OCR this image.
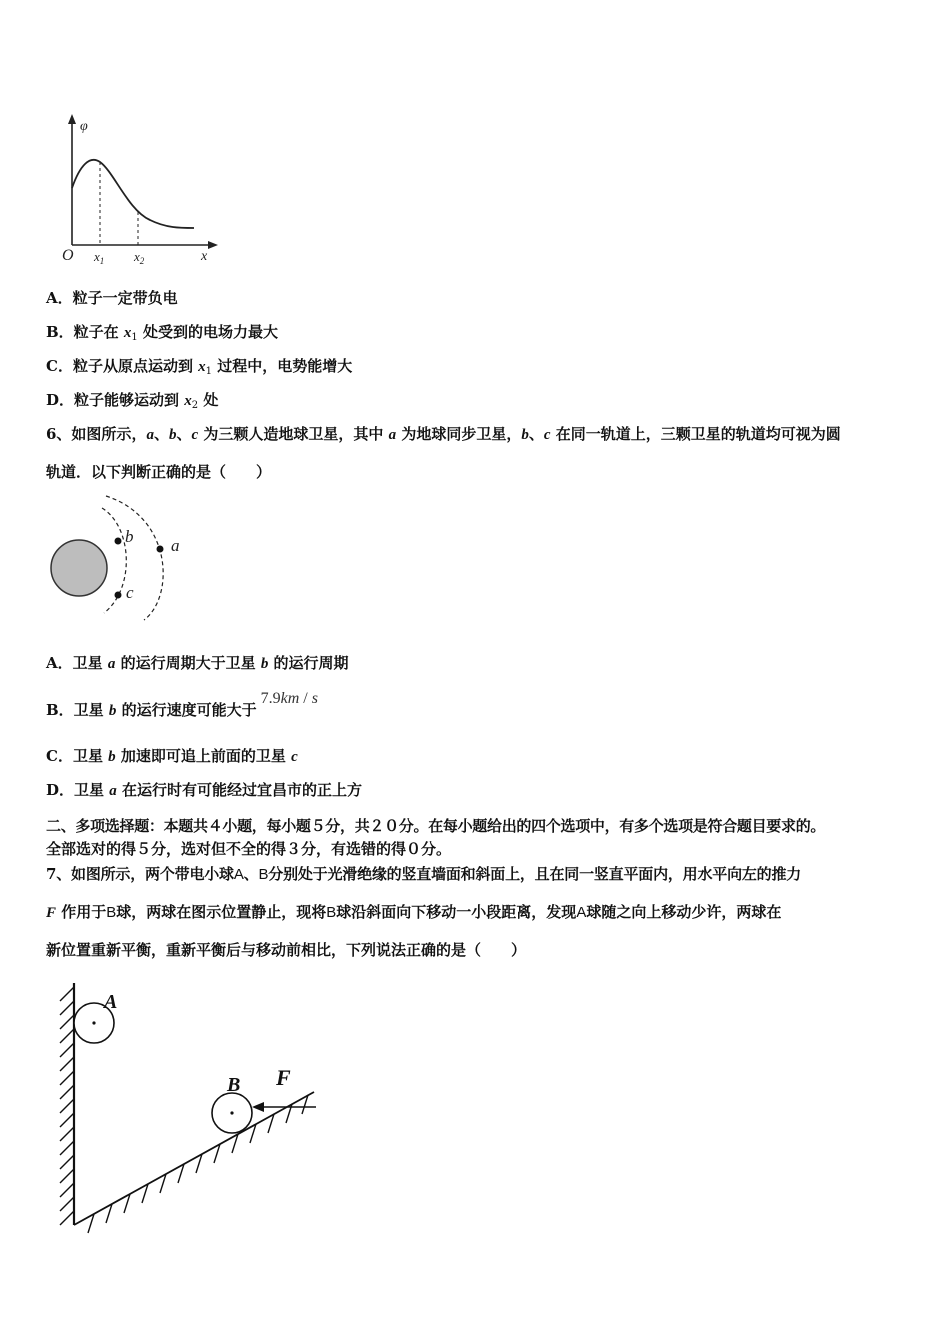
φ
O $x_1$ $x_2$	x
A．粒子一定带负电
B．粒子在 $x_1$ 处受到的电场力最大
C．粒子从原点运动到 $x_1$ 过程中，电势能增大
D．粒子能够运动到 $x_2$ 处
6、如图所示，a、b、c 为三颗人造地球卫星，其中 a 为地球同步卫星，b、c 在同一轨道上，三颗卫星的轨道均可视为圆
轨道．以下判断正确的是（　　）
b
c
a
A．卫星 a 的运行周期大于卫星 b 的运行周期
B．卫星 b 的运行速度可能大于7.9km / s
C．卫星 b 加速即可追上前面的卫星 c
D．卫星 a 在运行时有可能经过宜昌市的正上方
二、多项选择题：本题共４小题，每小题５分，共２０分。在每小题给出的四个选项中，有多个选项是符合题目要求的。
全部选对的得５分，选对但不全的得３分，有选错的得０分。
7、如图所示，两个带电小球A、B分别处于光滑绝缘的竖直墙面和斜面上，且在同一竖直平面内，用水平向左的推力
F 作用于B球，两球在图示位置静止，现将B球沿斜面向下移动一小段距离，发现A球随之向上移动少许，两球在
新位置重新平衡，重新平衡后与移动前相比，下列说法正确的是（　　）
A
B F
